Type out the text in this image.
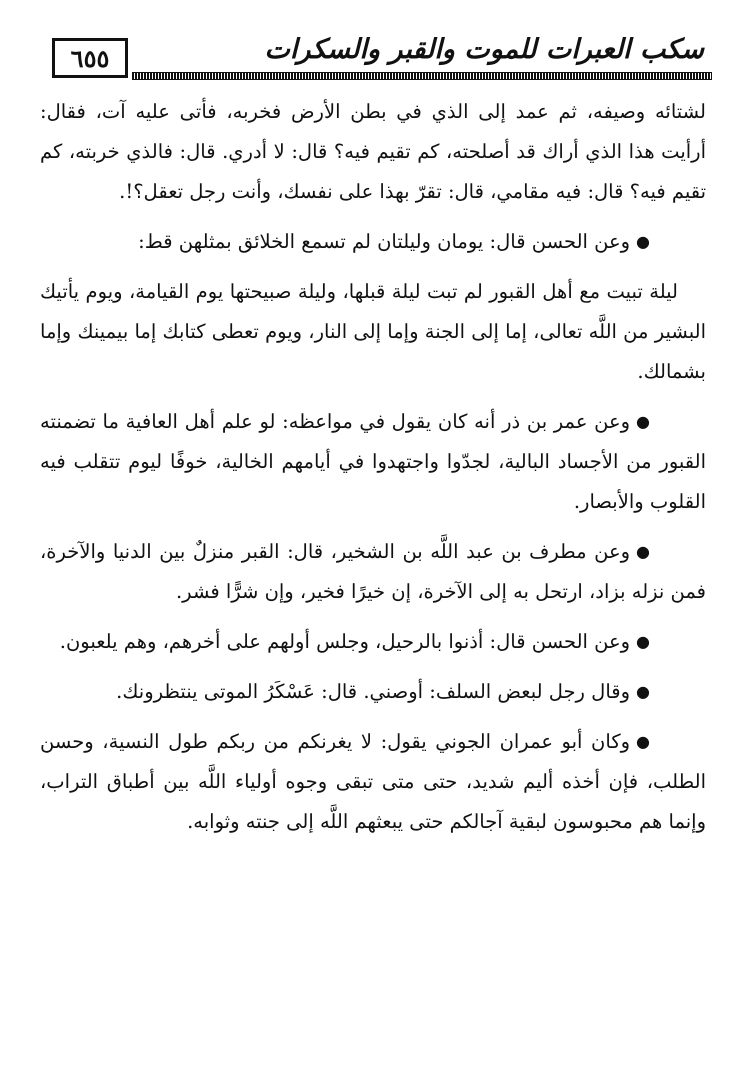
٦٥٥	سكب العبرات للموت والقبر والسكرات

لشتائه وصيفه، ثم عمد إلى الذي في بطن الأرض فخربه، فأتى عليه آت، فقال: أرأيت هذا الذي أراك قد أصلحته، كم تقيم فيه؟ قال: لا أدري. قال: فالذي خربته، كم تقيم فيه؟ قال: فيه مقامي، قال: تقرّ بهذا على نفسك، وأنت رجل تعقل؟!.

●وعن الحسن قال: يومان وليلتان لم تسمع الخلائق بمثلهن قط:

ليلة تبيت مع أهل القبور لم تبت ليلة قبلها، وليلة صبيحتها يوم القيامة، ويوم يأتيك البشير من اللَّه تعالى، إما إلى الجنة وإما إلى النار، ويوم تعطى كتابك إما بيمينك وإما بشمالك.

●وعن عمر بن ذر أنه كان يقول في مواعظه: لو علم أهل العافية ما تضمنته القبور من الأجساد البالية، لجدّوا واجتهدوا في أيامهم الخالية، خوفًا ليوم تتقلب فيه القلوب والأبصار.

●وعن مطرف بن عبد اللَّه بن الشخير، قال: القبر منزلٌ بين الدنيا والآخرة، فمن نزله بزاد، ارتحل به إلى الآخرة، إن خيرًا فخير، وإن شرًّا فشر.

●وعن الحسن قال: أذنوا بالرحيل، وجلس أولهم على أخرهم، وهم يلعبون.

●وقال رجل لبعض السلف: أوصني. قال: عَسْكَرُ الموتى ينتظرونك.

●وكان أبو عمران الجوني يقول: لا يغرنكم من ربكم طول النسية، وحسن الطلب، فإن أخذه أليم شديد، حتى متى تبقى وجوه أولياء اللَّه بين أطباق التراب، وإنما هم محبوسون لبقية آجالكم حتى يبعثهم اللَّه إلى جنته وثوابه.
